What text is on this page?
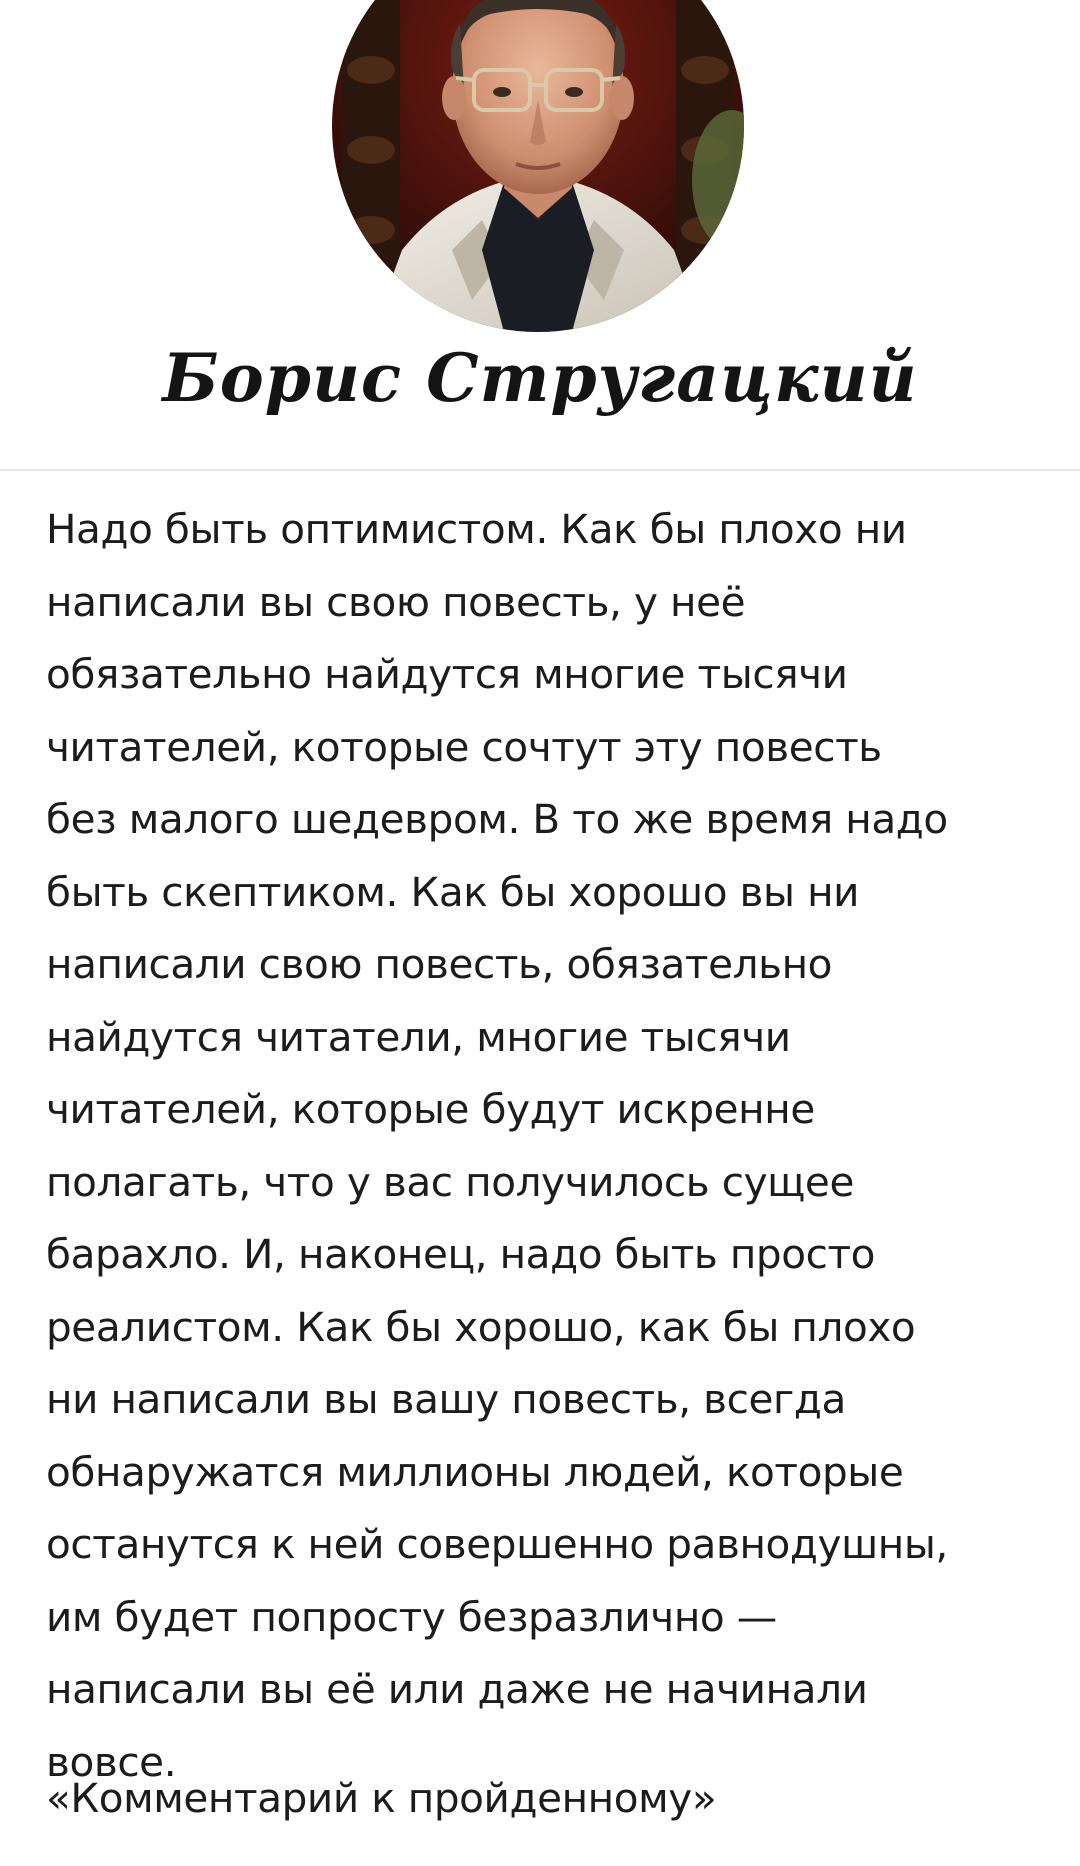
Борис Стругацкий

Надо быть оптимистом. Как бы плохо ни
написали вы свою повесть, у неё
обязательно найдутся многие тысячи
читателей, которые сочтут эту повесть
без малого шедевром. В то же время надо
быть скептиком. Как бы хорошо вы ни
написали свою повесть, обязательно
найдутся читатели, многие тысячи
читателей, которые будут искренне
полагать, что у вас получилось сущее
барахло. И, наконец, надо быть просто
реалистом. Как бы хорошо, как бы плохо
ни написали вы вашу повесть, всегда
обнаружатся миллионы людей, которые
останутся к ней совершенно равнодушны,
им будет попросту безразлично —
написали вы её или даже не начинали
вовсе.

«Комментарий к пройденному»
